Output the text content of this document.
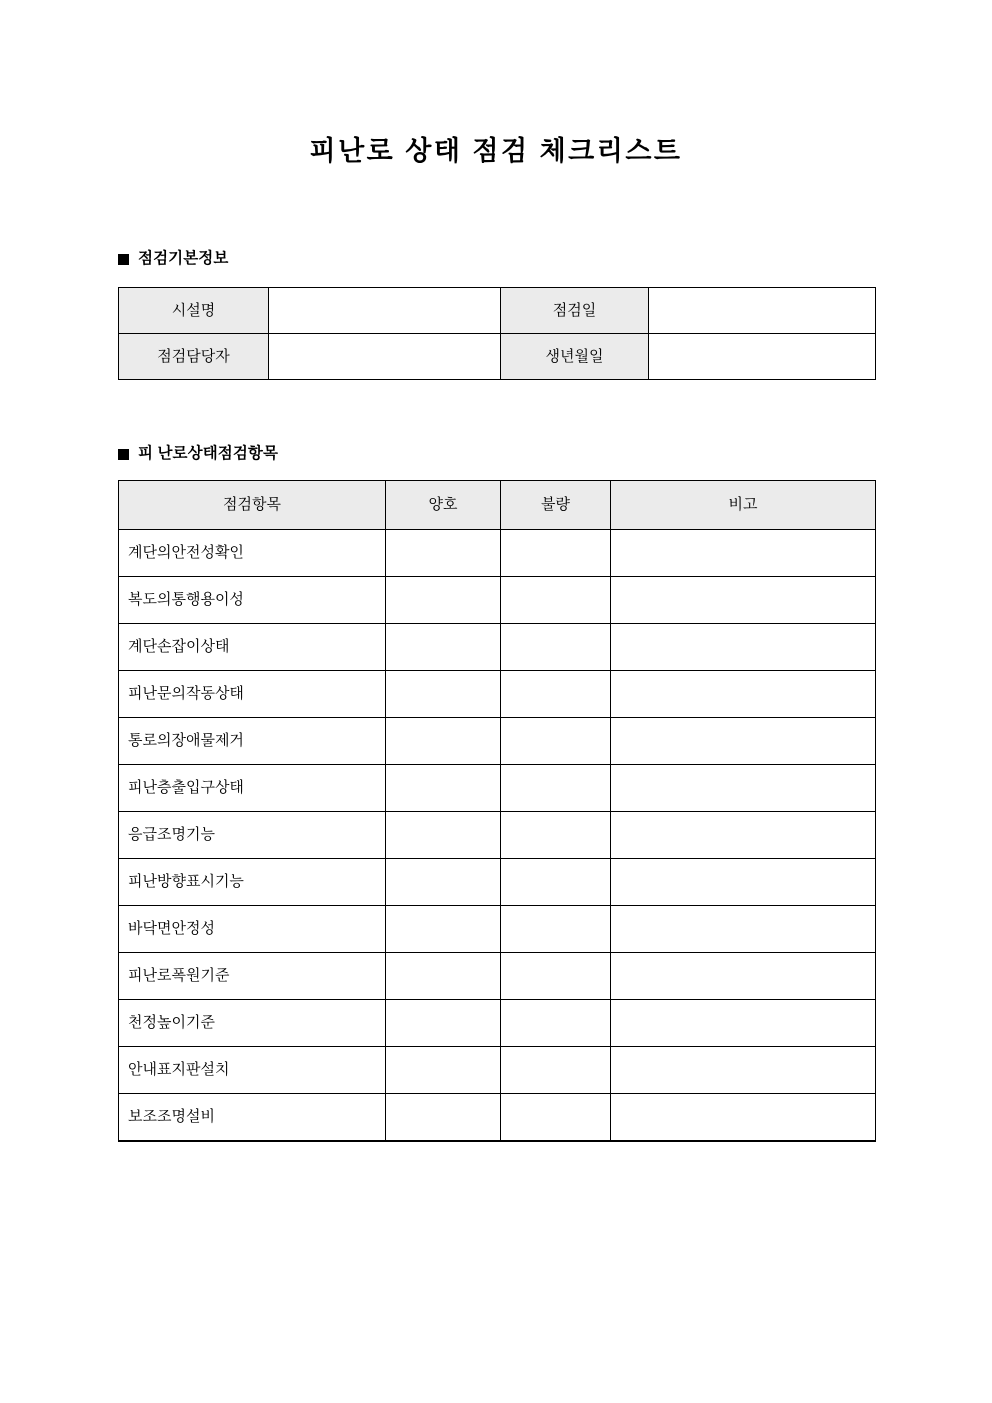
피난로 상태 점검 체크리스트
점검기본정보
시설명		점검일	
점검담당자		생년월일	
피 난로상태점검항목
점검항목	양호	불량	비고
계단의안전성확인			
복도의통행용이성			
계단손잡이상태			
피난문의작동상태			
통로의장애물제거			
피난층출입구상태			
응급조명기능			
피난방향표시기능			
바닥면안정성			
피난로폭원기준			
천정높이기준			
안내표지판설치			
보조조명설비			
